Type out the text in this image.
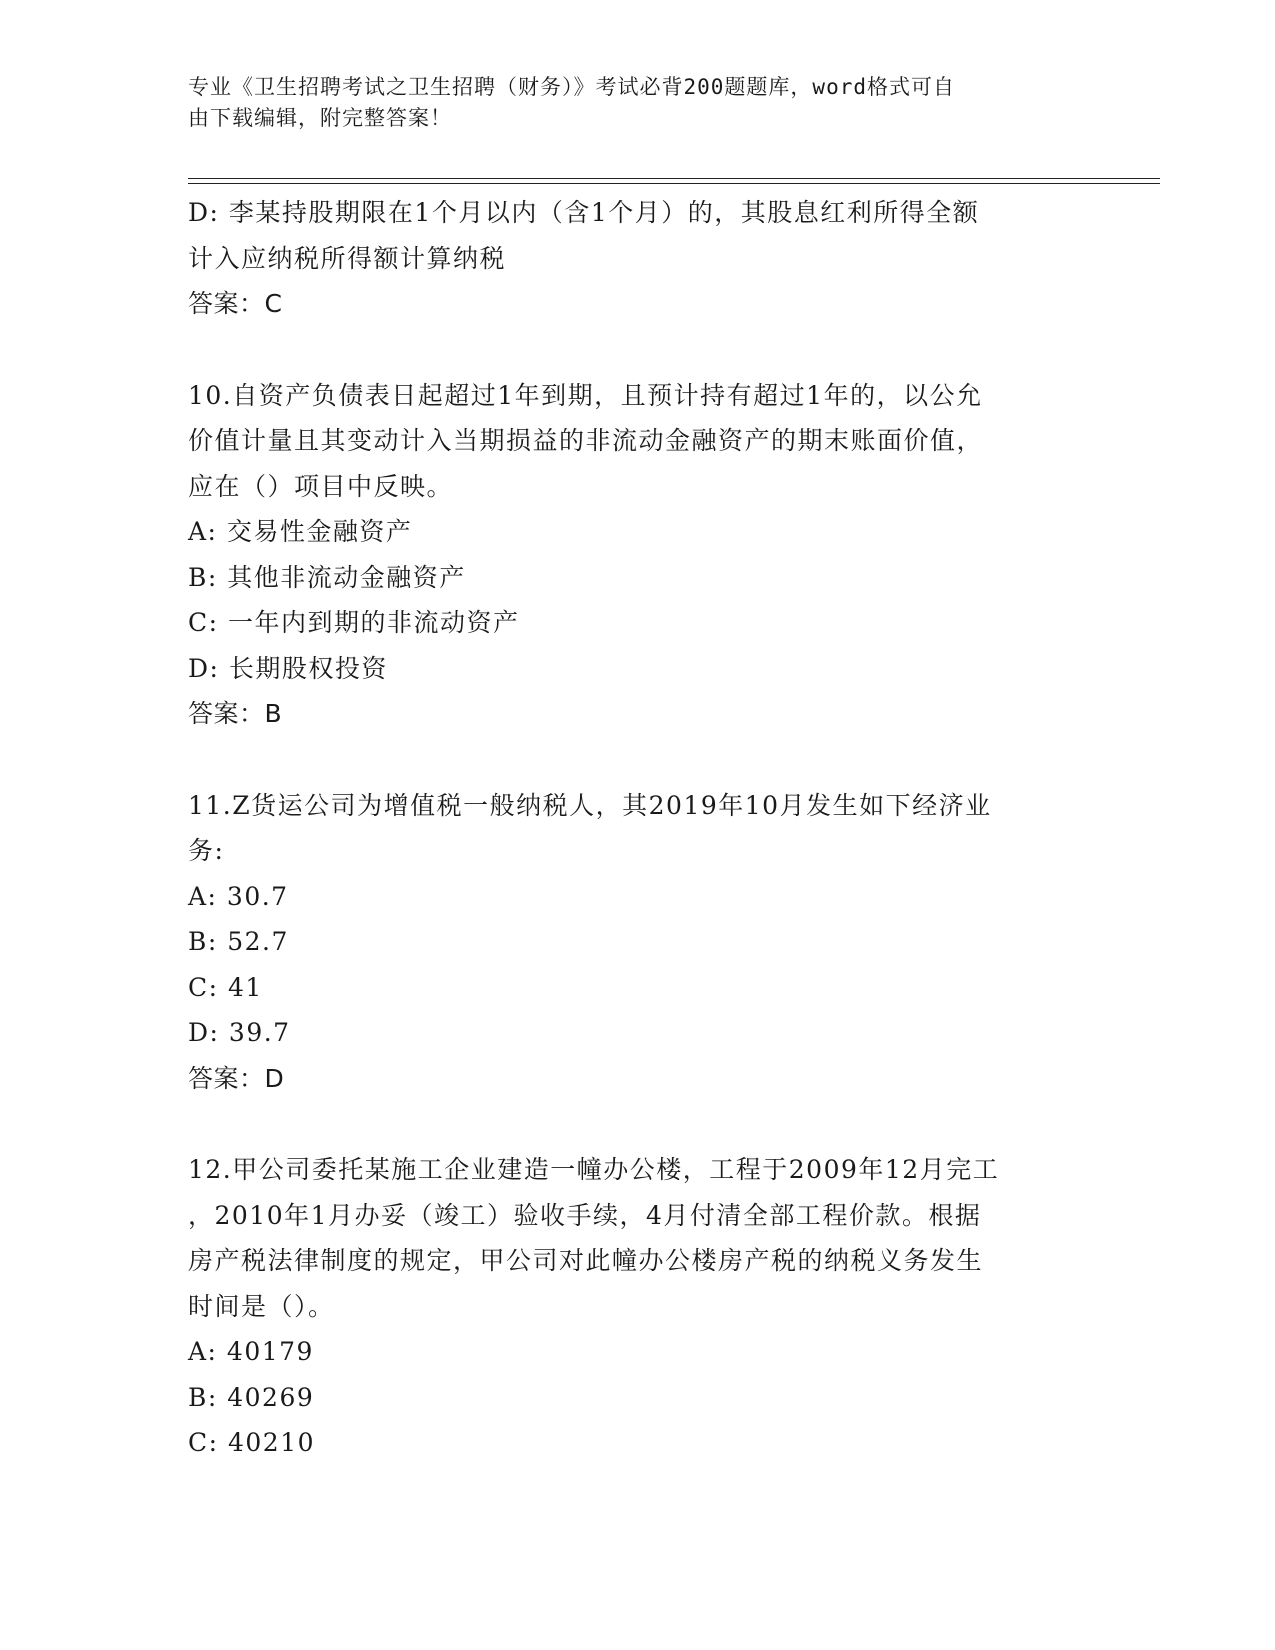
专业《卫生招聘考试之卫生招聘（财务）》考试必背200题题库，word格式可自
由下载编辑，附完整答案！
D: 李某持股期限在1个月以内（含1个月）的，其股息红利所得全额
计入应纳税所得额计算纳税
答案：C
10.自资产负债表日起超过1年到期，且预计持有超过1年的，以公允
价值计量且其变动计入当期损益的非流动金融资产的期末账面价值，
应在（）项目中反映。
A: 交易性金融资产
B: 其他非流动金融资产
C: 一年内到期的非流动资产
D: 长期股权投资
答案：B
11.Z货运公司为增值税一般纳税人，其2019年10月发生如下经济业
务:
A: 30.7
B: 52.7
C: 41
D: 39.7
答案：D
12.甲公司委托某施工企业建造一幢办公楼，工程于2009年12月完工
，2010年1月办妥（竣工）验收手续，4月付清全部工程价款。根据
房产税法律制度的规定，甲公司对此幢办公楼房产税的纳税义务发生
时间是（）。
A: 40179
B: 40269
C: 40210
